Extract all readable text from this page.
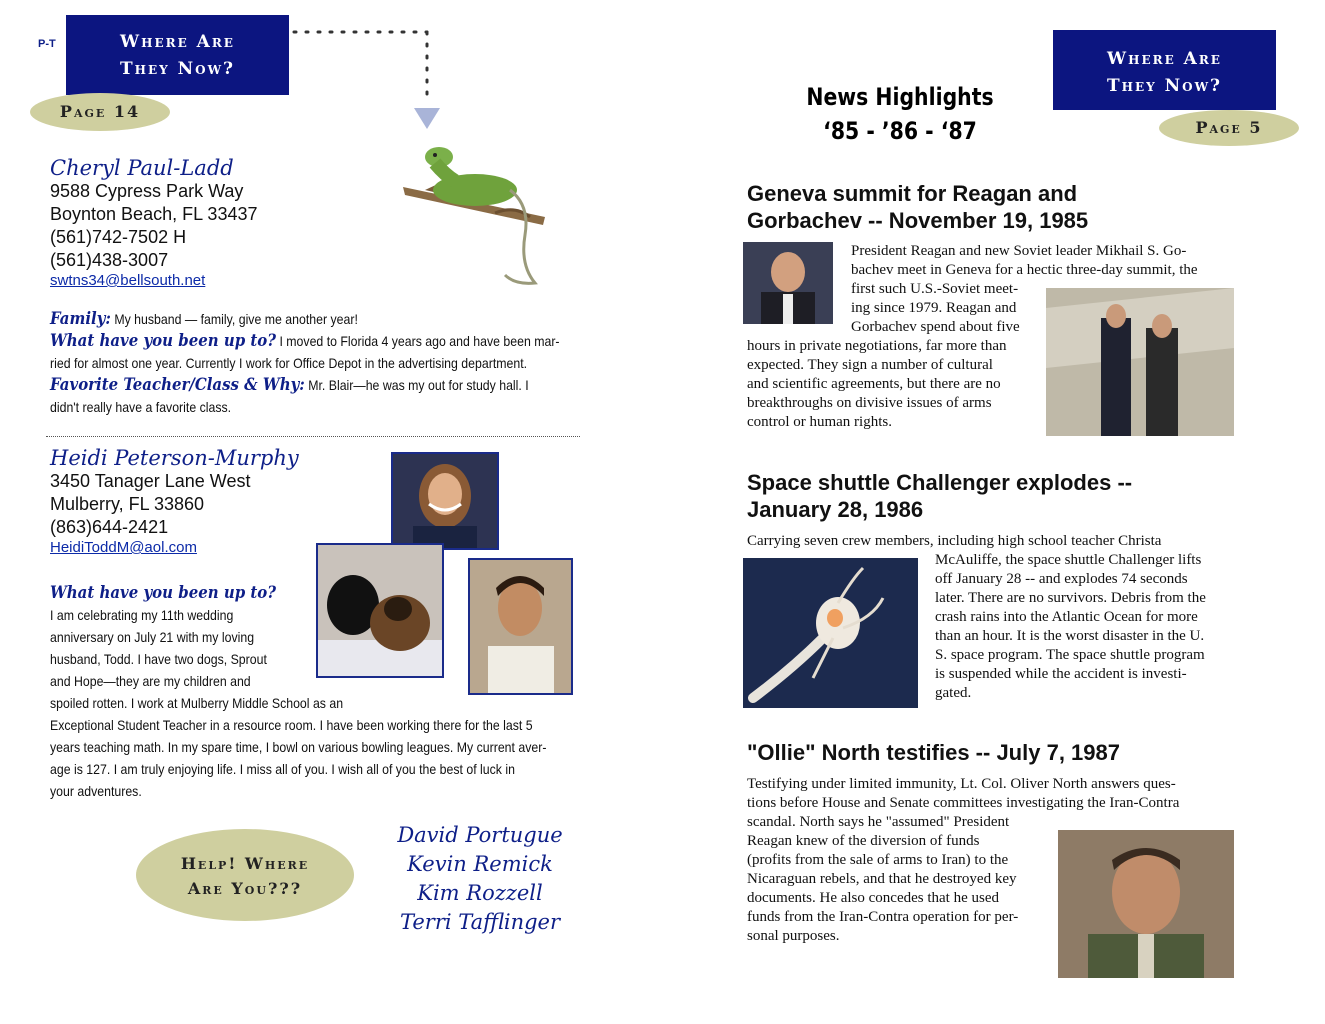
P-T	Where Are
They Now?
Page 14

Cheryl Paul-Ladd

9588 Cypress Park Way
Boynton Beach, FL 33437
(561)742-7502 H
(561)438-3007
swtns34@bellsouth.net
Family: My husband — family, give me another year!
What have you been up to? I moved to Florida 4 years ago and have been mar-
ried for almost one year. Currently I work for Office Depot in the advertising department.
Favorite Teacher/Class & Why: Mr. Blair—he was my out for study hall. I
didn't really have a favorite class.

Heidi Peterson-Murphy

3450 Tanager Lane West
Mulberry, FL 33860
(863)644-2421
HeidiToddM@aol.com
What have you been up to?
I am celebrating my 11th wedding
anniversary on July 21 with my loving
husband, Todd. I have two dogs, Sprout
and Hope—they are my children and
spoiled rotten. I work at Mulberry Middle School as an
Exceptional Student Teacher in a resource room. I have been working there for the last 5
years teaching math. In my spare time, I bowl on various bowling leagues. My current aver-
age is 127. I am truly enjoying life. I miss all of you. I wish all of you the best of luck in
your adventures.
Help! Where
Are You???
David Portugue
Kevin Remick
Kim Rozzell
Terri Tafflinger
News Highlights
‘85 - ’86 - ‘87
Where Are
They Now?
Page 5
Geneva summit for Reagan and
Gorbachev -- November 19, 1985
President Reagan and new Soviet leader Mikhail S. Go-
bachev meet in Geneva for a hectic three-day summit, the
first such U.S.-Soviet meet-
ing since 1979. Reagan and
Gorbachev spend about five
hours in private negotiations, far more than
expected. They sign a number of cultural
and scientific agreements, but there are no
breakthroughs on divisive issues of arms
control or human rights.
Space shuttle Challenger explodes --
January 28, 1986
Carrying seven crew members, including high school teacher Christa
McAuliffe, the space shuttle Challenger lifts
off January 28 -- and explodes 74 seconds
later. There are no survivors. Debris from the
crash rains into the Atlantic Ocean for more
than an hour. It is the worst disaster in the U.
S. space program. The space shuttle program
is suspended while the accident is investi-
gated.
"Ollie" North testifies -- July 7, 1987
Testifying under limited immunity, Lt. Col. Oliver North answers ques-
tions before House and Senate committees investigating the Iran-Contra
scandal. North says he "assumed" President
Reagan knew of the diversion of funds
(profits from the sale of arms to Iran) to the
Nicaraguan rebels, and that he destroyed key
documents. He also concedes that he used
funds from the Iran-Contra operation for per-
sonal purposes.
